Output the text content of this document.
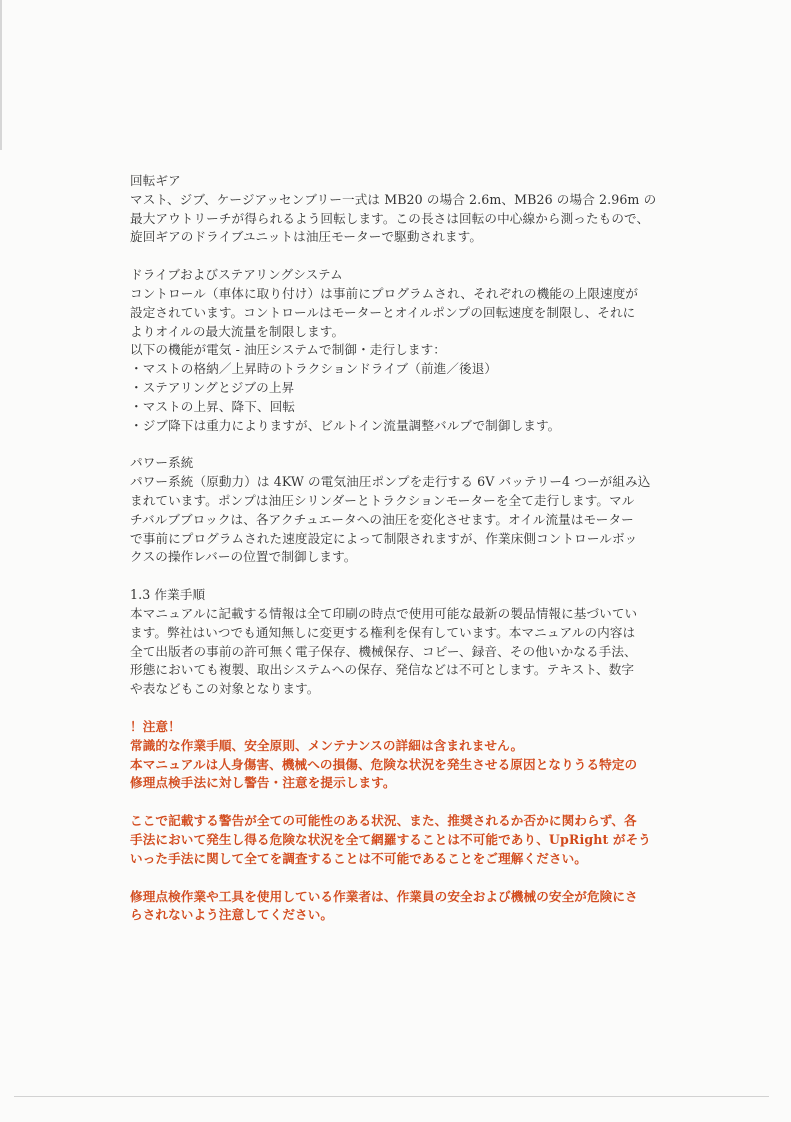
回転ギア
マスト、ジブ、ケージアッセンブリー一式は MB20 の場合 2.6m、MB26 の場合 2.96m の
最大アウトリーチが得られるよう回転します。この長さは回転の中心線から測ったもので、
旋回ギアのドライブユニットは油圧モーターで駆動されます。
ドライブおよびステアリングシステム
コントロール（車体に取り付け）は事前にプログラムされ、それぞれの機能の上限速度が
設定されています。コントロールはモーターとオイルポンプの回転速度を制限し、それに
よりオイルの最大流量を制限します。
以下の機能が電気 - 油圧システムで制御・走行します：
・マストの格納／上昇時のトラクションドライブ（前進／後退）
・ステアリングとジブの上昇
・マストの上昇、降下、回転
・ジブ降下は重力によりますが、ビルトイン流量調整バルブで制御します。
パワー系統
パワー系統（原動力）は 4KW の電気油圧ポンプを走行する 6V バッテリー4 つーが組み込
まれています。ポンプは油圧シリンダーとトラクションモーターを全て走行します。マル
チバルブブロックは、各アクチュエータへの油圧を変化させます。オイル流量はモーター
で事前にプログラムされた速度設定によって制限されますが、作業床側コントロールボッ
クスの操作レバーの位置で制御します。
1.3 作業手順
本マニュアルに記載する情報は全て印刷の時点で使用可能な最新の製品情報に基づいてい
ます。弊社はいつでも通知無しに変更する権利を保有しています。本マニュアルの内容は
全て出版者の事前の許可無く電子保存、機械保存、コピー、録音、その他いかなる手法、
形態においても複製、取出システムへの保存、発信などは不可とします。テキスト、数字
や表などもこの対象となります。
！注意！
常識的な作業手順、安全原則、メンテナンスの詳細は含まれません。
本マニュアルは人身傷害、機械への損傷、危険な状況を発生させる原因となりうる特定の
修理点検手法に対し警告・注意を提示します。
ここで記載する警告が全ての可能性のある状況、また、推奨されるか否かに関わらず、各
手法において発生し得る危険な状況を全て網羅することは不可能であり、UpRight がそう
いった手法に関して全てを調査することは不可能であることをご理解ください。
修理点検作業や工具を使用している作業者は、作業員の安全および機械の安全が危険にさ
らされないよう注意してください。
